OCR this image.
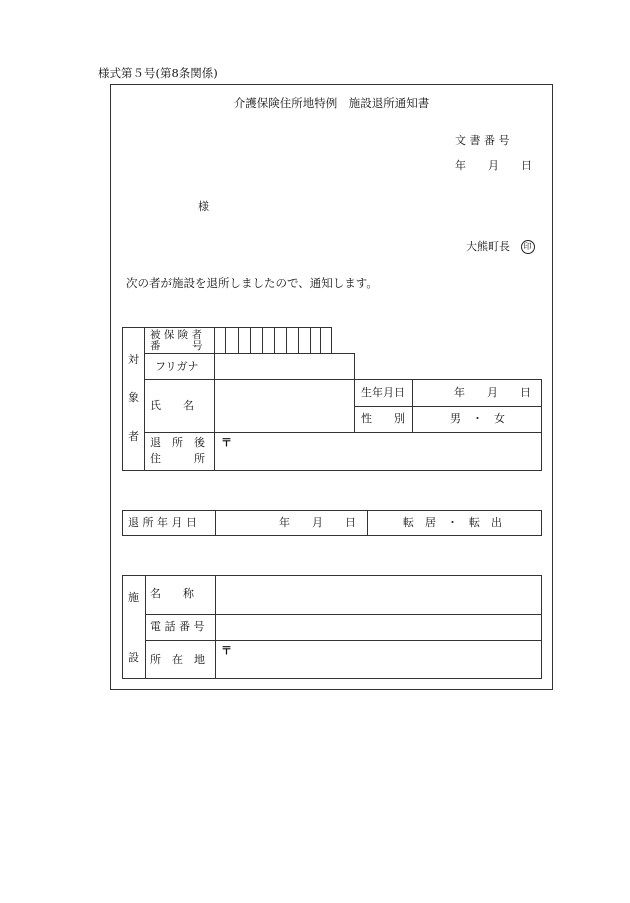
様式第５号(第8条関係)
介護保険住所地特例　施設退所通知書
文 書 番 号
年　　月　　日
様
大熊町長 印
次の者が施設を退所しましたので、通知します。
対
象
者
被 保 険 者
番　　　号
フリガナ
氏　　名
生年月日	年　　月　　日
性　　別	男　・　女
退　所　後
住　　　所
〒
退 所 年 月 日	年　　月　　日	転　居　・　転　出
施
設
名　　称
電 話 番 号
所　在　地
〒
